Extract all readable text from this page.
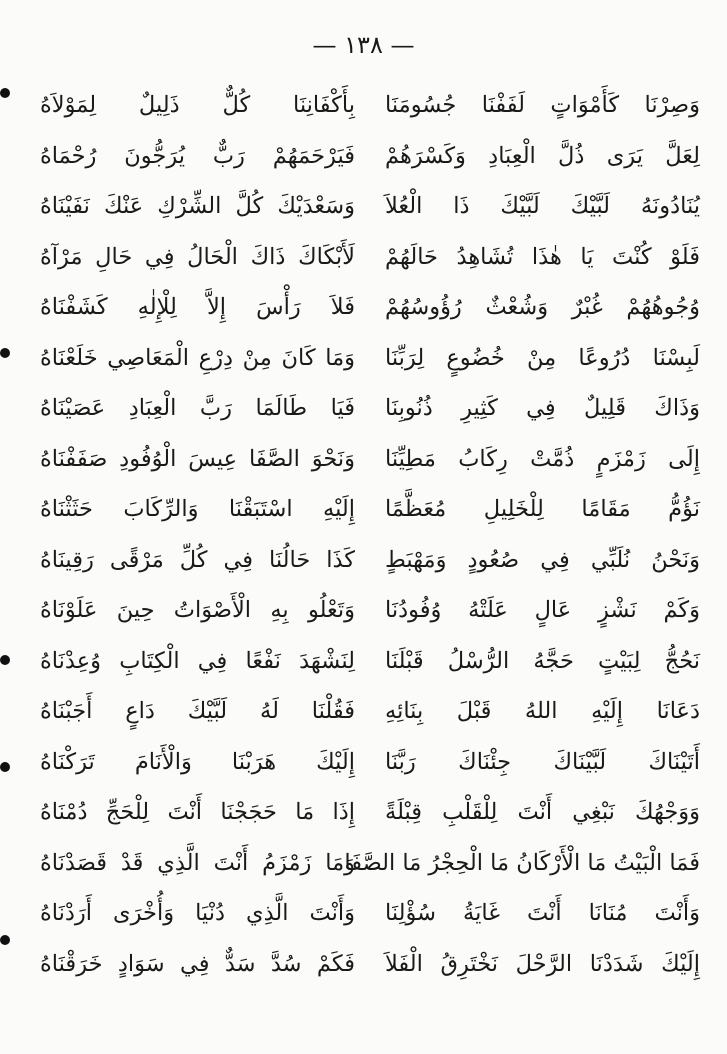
— ١٣٨ —
وَصِرْنَا كَأَمْوَاتٍ لَفَفْنَا جُسُومَنَا
بِأَكْفَانِنَا كُلٌّ ذَلِيلٌ لِمَوْلاَهُ
لِعَلَّ يَرَى ذُلَّ الْعِبَادِ وَكَسْرَهُمْ
فَيَرْحَمَهُمْ رَبٌّ يُرَجُّونَ رُحْمَاهُ
يُنَادُونَهُ لَبَّيْكَ لَبَّيْكَ ذَا الْعُلاَ
وَسَعْدَيْكَ كُلَّ الشِّرْكِ عَنْكَ نَفَيْنَاهُ
فَلَوْ كُنْتَ يَا هٰذَا تُشَاهِدُ حَالَهُمْ
لَأَبْكَاكَ ذَاكَ الْحَالُ فِي حَالِ مَرْآهُ
وُجُوهُهُمْ غُبْرٌ وَشُعْثٌ رُؤُوسُهُمْ
فَلاَ رَأْسَ إِلاَّ لِلْإِلٰهِ كَشَفْنَاهُ
لَبِسْنَا دُرُوعًا مِنْ خُضُوعٍ لِرَبِّنَا
وَمَا كَانَ مِنْ دِرْعِ الْمَعَاصِي خَلَعْنَاهُ
وَذَاكَ قَلِيلٌ فِي كَثِيرِ ذُنُوبِنَا
فَيَا طَالَمَا رَبَّ الْعِبَادِ عَصَيْنَاهُ
إِلَى زَمْزَمٍ ذُمَّتْ رِكَابُ مَطِيِّنَا
وَنَحْوَ الصَّفَا عِيسَ الْوُفُودِ صَفَفْنَاهُ
نَؤُمُّ مَقَامًا لِلْخَلِيلِ مُعَظَّمًا
إِلَيْهِ اسْتَبَقْنَا وَالرِّكَابَ حَثَثْنَاهُ
وَنَحْنُ نُلَبِّي فِي صُعُودٍ وَمَهْبَطٍ
كَذَا حَالُنَا فِي كُلِّ مَرْقًى رَقِينَاهُ
وَكَمْ نَشْزٍ عَالٍ عَلَتْهُ وُفُودُنَا
وَتَعْلُو بِهِ الْأَصْوَاتُ حِينَ عَلَوْنَاهُ
نَحُجُّ لِبَيْتٍ حَجَّهُ الرُّسْلُ قَبْلَنَا
لِنَشْهَدَ نَفْعًا فِي الْكِتَابِ وُعِدْنَاهُ
دَعَانَا إِلَيْهِ اللهُ قَبْلَ بِنَائِهِ
فَقُلْنَا لَهُ لَبَّيْكَ دَاعٍ أَجَبْنَاهُ
أَتَيْنَاكَ لَبَّيْنَاكَ جِئْنَاكَ رَبَّنَا
إِلَيْكَ هَرَبْنَا وَالْأَنَامَ تَرَكْنَاهُ
وَوَجْهُكَ نَبْغِي أَنْتَ لِلْقَلْبِ قِبْلَةً
إِذَا مَا حَجَجْنَا أَنْتَ لِلْحَجِّ دُمْنَاهُ
فَمَا الْبَيْتُ مَا الْأَرْكَانُ مَا الْحِجْرُ مَا الصَّفَا
وَمَا زَمْزَمُ أَنْتَ الَّذِي قَدْ قَصَدْنَاهُ
وَأَنْتَ مُنَانَا أَنْتَ غَايَةُ سُؤْلِنَا
وَأَنْتَ الَّذِي دُنْيَا وَأُخْرَى أَرَدْنَاهُ
إِلَيْكَ شَدَدْنَا الرَّحْلَ نَخْتَرِقُ الْفَلاَ
فَكَمْ سُدَّ سَدٌّ فِي سَوَادٍ خَرَقْنَاهُ
